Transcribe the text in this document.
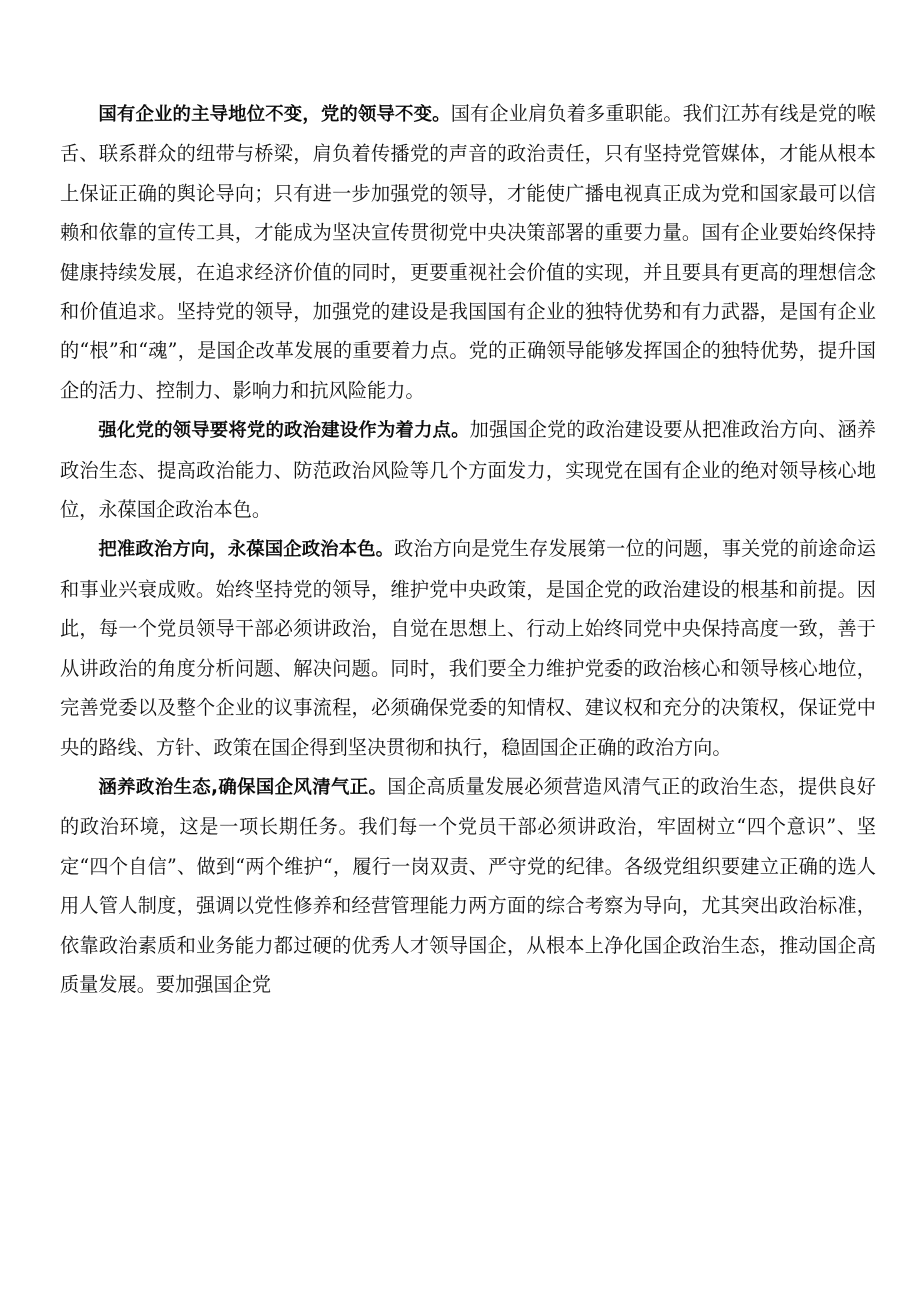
国有企业的主导地位不变，党的领导不变。国有企业肩负着多重职能。我们江苏有线是党的喉舌、联系群众的纽带与桥梁，肩负着传播党的声音的政治责任，只有坚持党管媒体，才能从根本上保证正确的舆论导向；只有进一步加强党的领导，才能使广播电视真正成为党和国家最可以信赖和依靠的宣传工具，才能成为坚决宣传贯彻党中央决策部署的重要力量。国有企业要始终保持健康持续发展，在追求经济价值的同时，更要重视社会价值的实现，并且要具有更高的理想信念和价值追求。坚持党的领导，加强党的建设是我国国有企业的独特优势和有力武器，是国有企业的“根”和“魂”，是国企改革发展的重要着力点。党的正确领导能够发挥国企的独特优势，提升国企的活力、控制力、影响力和抗风险能力。

强化党的领导要将党的政治建设作为着力点。加强国企党的政治建设要从把准政治方向、涵养政治生态、提高政治能力、防范政治风险等几个方面发力，实现党在国有企业的绝对领导核心地位，永葆国企政治本色。

把准政治方向，永葆国企政治本色。政治方向是党生存发展第一位的问题，事关党的前途命运和事业兴衰成败。始终坚持党的领导，维护党中央政策，是国企党的政治建设的根基和前提。因此，每一个党员领导干部必须讲政治，自觉在思想上、行动上始终同党中央保持高度一致，善于从讲政治的角度分析问题、解决问题。同时，我们要全力维护党委的政治核心和领导核心地位，完善党委以及整个企业的议事流程，必须确保党委的知情权、建议权和充分的决策权，保证党中央的路线、方针、政策在国企得到坚决贯彻和执行，稳固国企正确的政治方向。

涵养政治生态,确保国企风清气正。国企高质量发展必须营造风清气正的政治生态，提供良好的政治环境，这是一项长期任务。我们每一个党员干部必须讲政治，牢固树立“四个意识”、坚定“四个自信”、做到“两个维护“，履行一岗双责、严守党的纪律。各级党组织要建立正确的选人用人管人制度，强调以党性修养和经营管理能力两方面的综合考察为导向，尤其突出政治标准，依靠政治素质和业务能力都过硬的优秀人才领导国企，从根本上净化国企政治生态，推动国企高质量发展。要加强国企党
